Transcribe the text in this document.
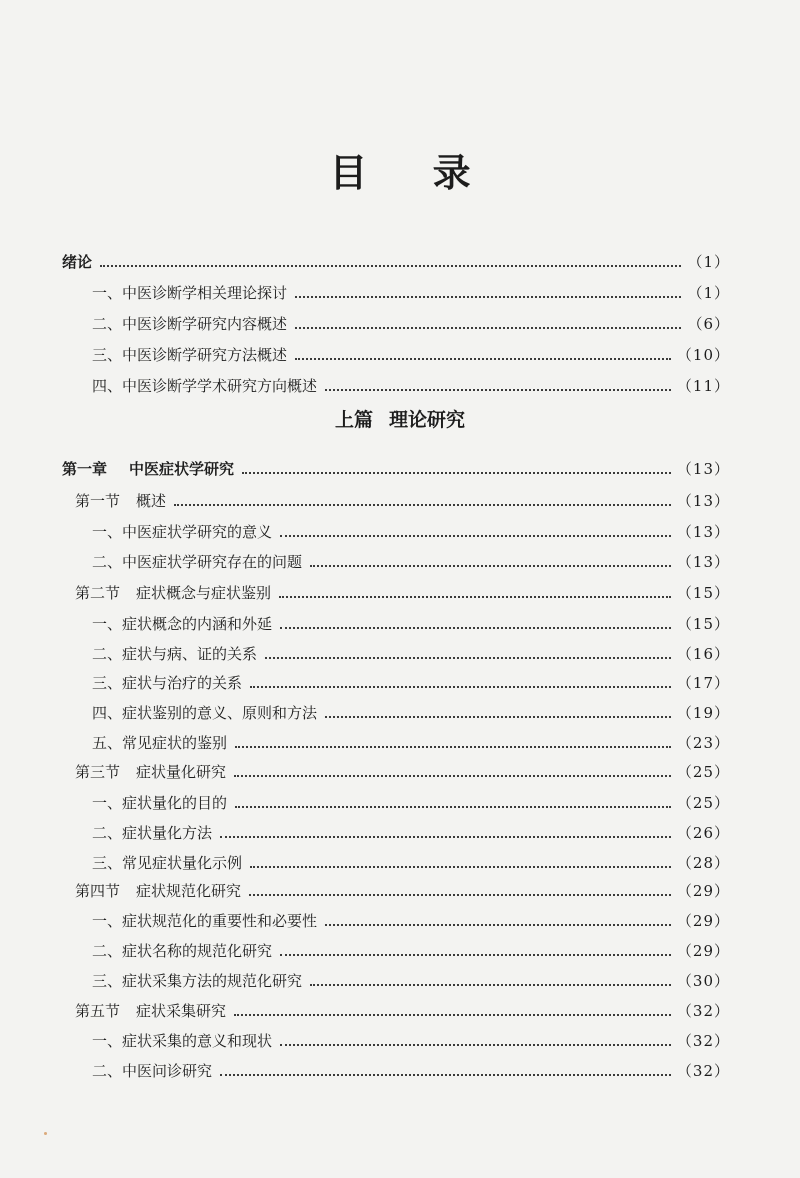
目 录
上篇 理论研究
绪论	（1）
一、中医诊断学相关理论探讨	（1）
二、中医诊断学研究内容概述	（6）
三、中医诊断学研究方法概述	（10）
四、中医诊断学学术研究方向概述	（11）
第一章 中医症状学研究	（13）
第一节 概述	（13）
一、中医症状学研究的意义	（13）
二、中医症状学研究存在的问题	（13）
第二节 症状概念与症状鉴别	（15）
一、症状概念的内涵和外延	（15）
二、症状与病、证的关系	（16）
三、症状与治疗的关系	（17）
四、症状鉴别的意义、原则和方法	（19）
五、常见症状的鉴别	（23）
第三节 症状量化研究	（25）
一、症状量化的目的	（25）
二、症状量化方法	（26）
三、常见症状量化示例	（28）
第四节 症状规范化研究	（29）
一、症状规范化的重要性和必要性	（29）
二、症状名称的规范化研究	（29）
三、症状采集方法的规范化研究	（30）
第五节 症状采集研究	（32）
一、症状采集的意义和现状	（32）
二、中医问诊研究	（32）
